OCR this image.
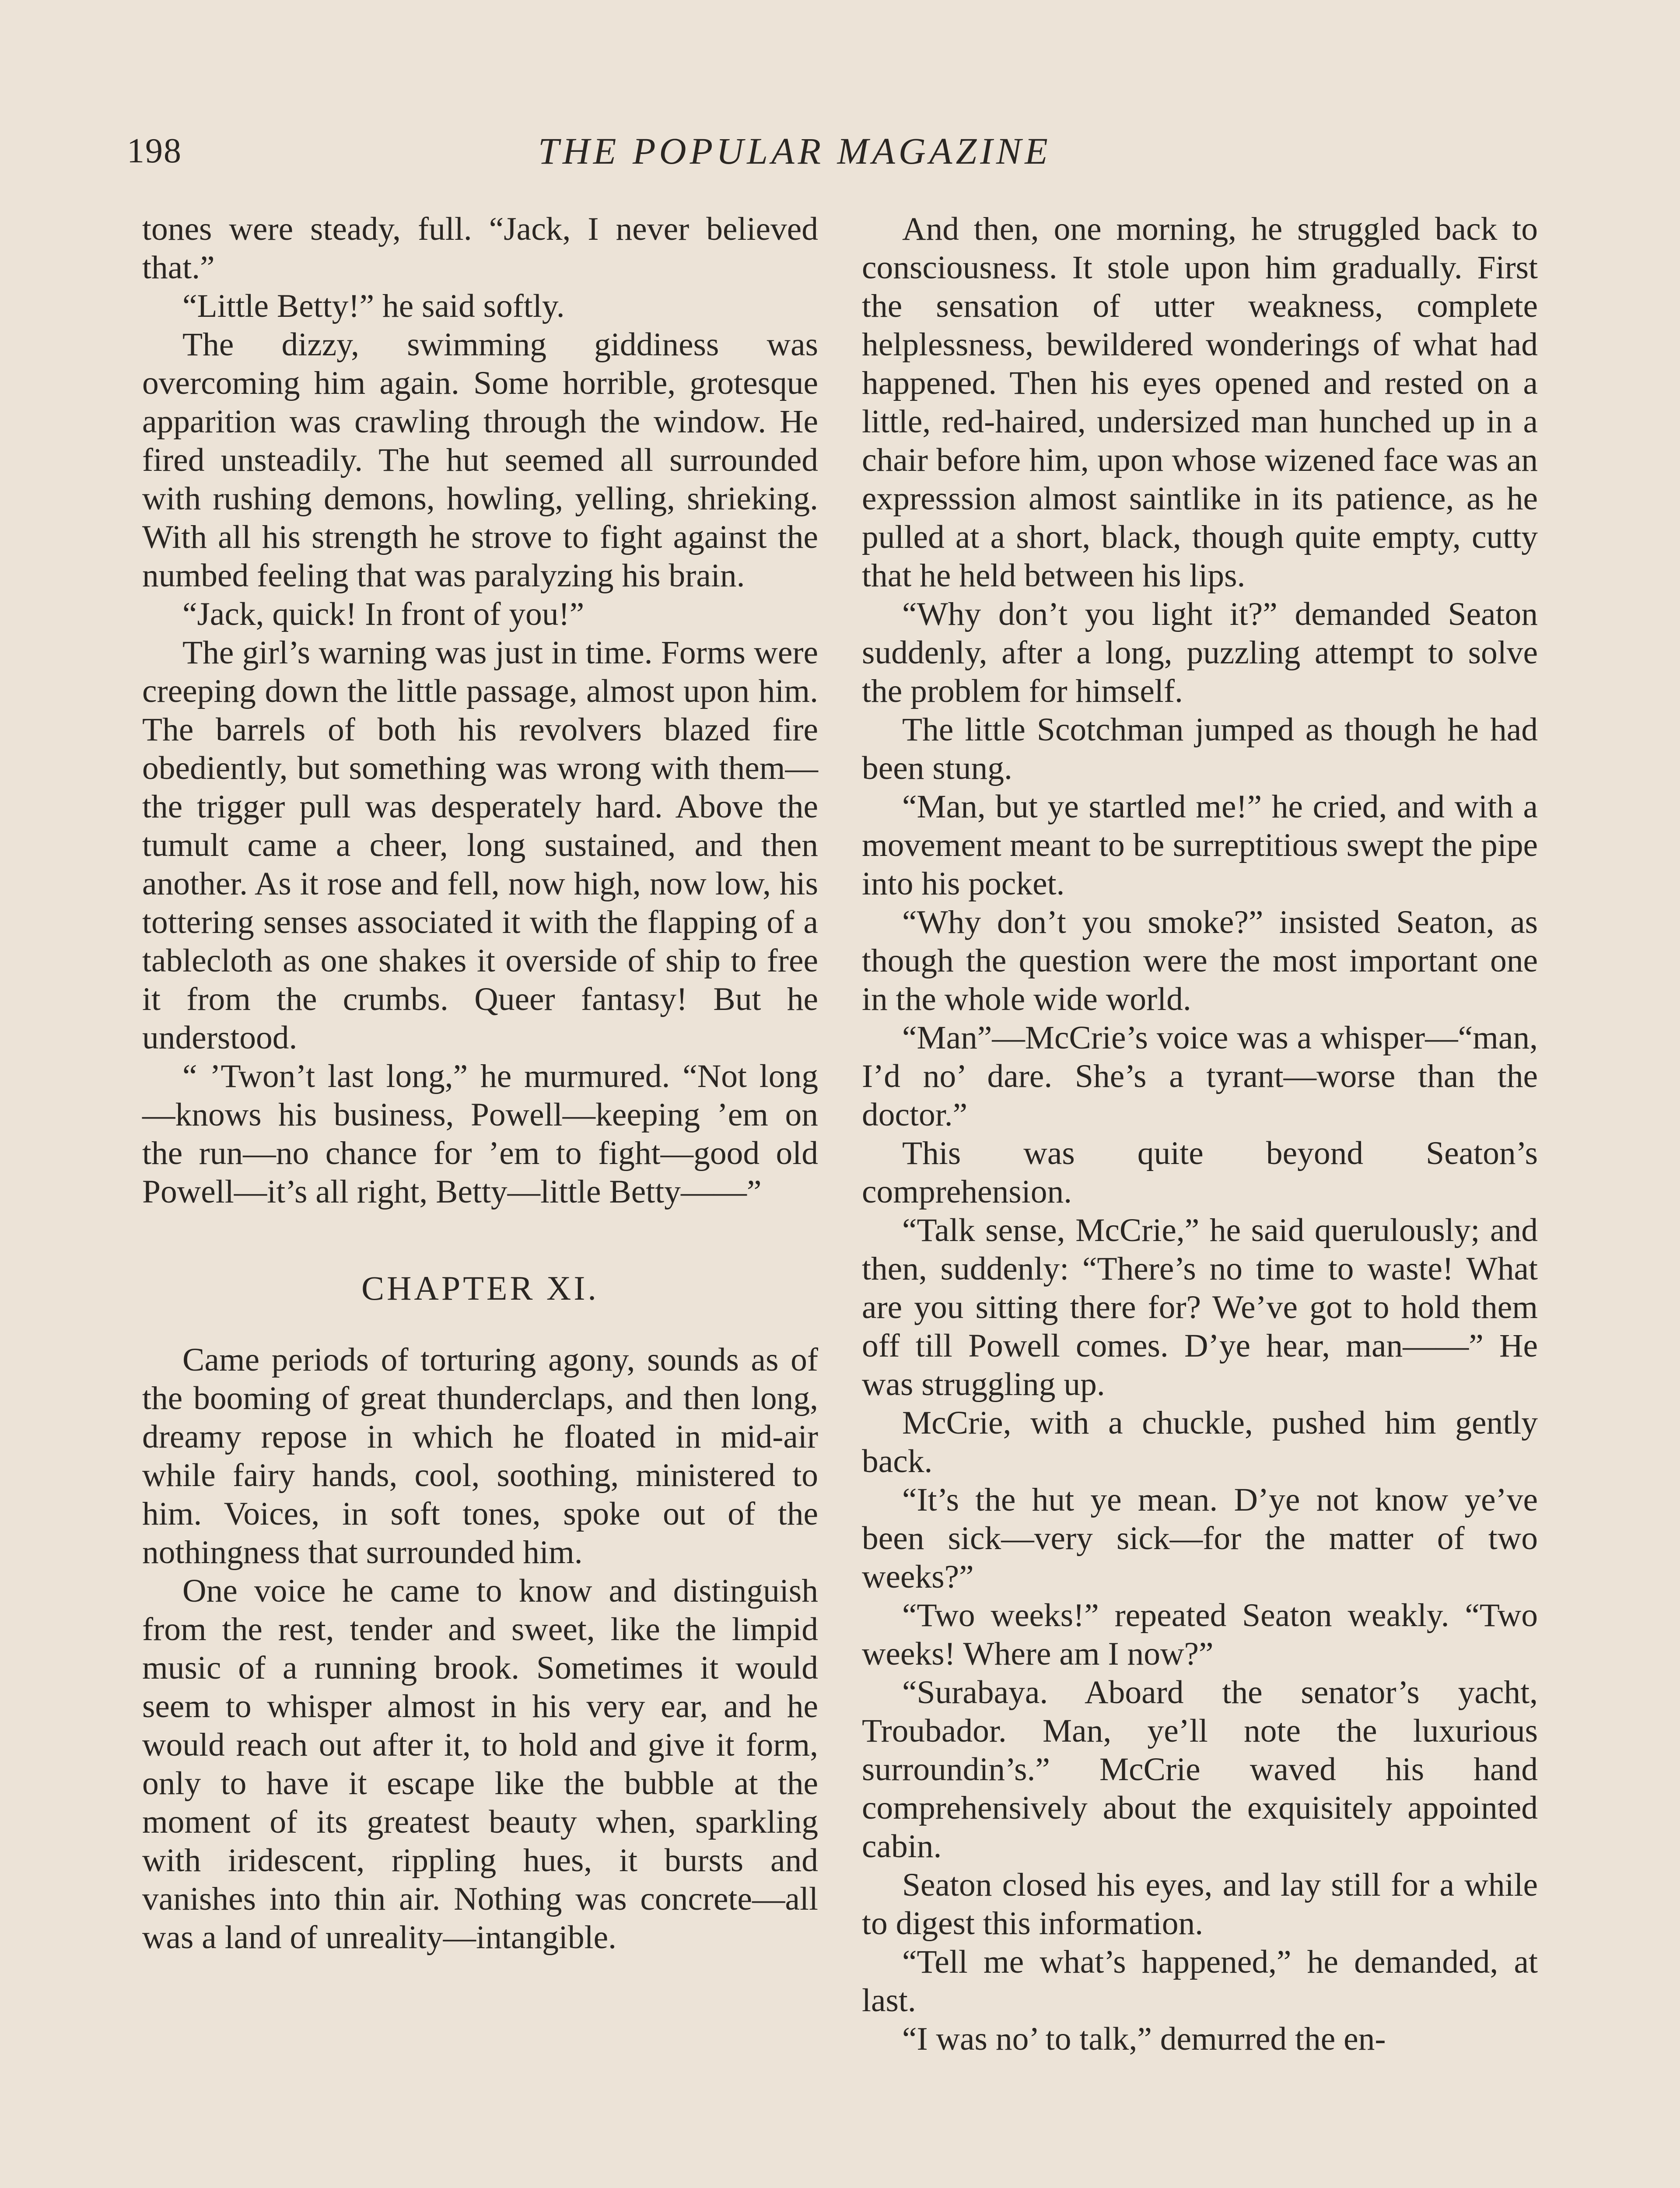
198	THE POPULAR MAGAZINE

tones were steady, full. “Jack, I never believed that.”

“Little Betty!” he said softly.

The dizzy, swimming giddiness was overcoming him again. Some horrible, grotesque apparition was crawling through the window. He fired unsteadily. The hut seemed all surrounded with rushing demons, howling, yelling, shrieking. With all his strength he strove to fight against the numbed feeling that was paralyzing his brain.

“Jack, quick! In front of you!”

The girl’s warning was just in time. Forms were creeping down the little passage, almost upon him. The barrels of both his revolvers blazed fire obediently, but something was wrong with them—the trigger pull was desperately hard. Above the tumult came a cheer, long sustained, and then another. As it rose and fell, now high, now low, his tottering senses associated it with the flapping of a tablecloth as one shakes it overside of ship to free it from the crumbs. Queer fantasy! But he understood.

“ ’Twon’t last long,” he murmured. “Not long—knows his business, Powell—keeping ’em on the run—no chance for ’em to fight—good old Powell—it’s all right, Betty—little Betty——”

CHAPTER XI.

Came periods of torturing agony, sounds as of the booming of great thunderclaps, and then long, dreamy repose in which he floated in mid-air while fairy hands, cool, soothing, ministered to him. Voices, in soft tones, spoke out of the nothingness that surrounded him.

One voice he came to know and distinguish from the rest, tender and sweet, like the limpid music of a running brook. Sometimes it would seem to whisper almost in his very ear, and he would reach out after it, to hold and give it form, only to have it escape like the bubble at the moment of its greatest beauty when, sparkling with iridescent, rippling hues, it bursts and vanishes into thin air. Nothing was concrete—all was a land of unreality—intangible.

And then, one morning, he struggled back to consciousness. It stole upon him gradually. First the sensation of utter weakness, complete helplessness, bewildered wonderings of what had happened. Then his eyes opened and rested on a little, red-haired, undersized man hunched up in a chair before him, upon whose wizened face was an expresssion almost saintlike in its patience, as he pulled at a short, black, though quite empty, cutty that he held between his lips.

“Why don’t you light it?” demanded Seaton suddenly, after a long, puzzling attempt to solve the problem for himself.

The little Scotchman jumped as though he had been stung.

“Man, but ye startled me!” he cried, and with a movement meant to be surreptitious swept the pipe into his pocket.

“Why don’t you smoke?” insisted Seaton, as though the question were the most important one in the whole wide world.

“Man”—McCrie’s voice was a whisper—“man, I’d no’ dare. She’s a tyrant—worse than the doctor.”

This was quite beyond Seaton’s comprehension.

“Talk sense, McCrie,” he said querulously; and then, suddenly: “There’s no time to waste! What are you sitting there for? We’ve got to hold them off till Powell comes. D’ye hear, man——” He was struggling up.

McCrie, with a chuckle, pushed him gently back.

“It’s the hut ye mean. D’ye not know ye’ve been sick—very sick—for the matter of two weeks?”

“Two weeks!” repeated Seaton weakly. “Two weeks! Where am I now?”

“Surabaya. Aboard the senator’s yacht, Troubador. Man, ye’ll note the luxurious surroundin’s.” McCrie waved his hand comprehensively about the exquisitely appointed cabin.

Seaton closed his eyes, and lay still for a while to digest this information.

“Tell me what’s happened,” he demanded, at last.

“I was no’ to talk,” demurred the en-
